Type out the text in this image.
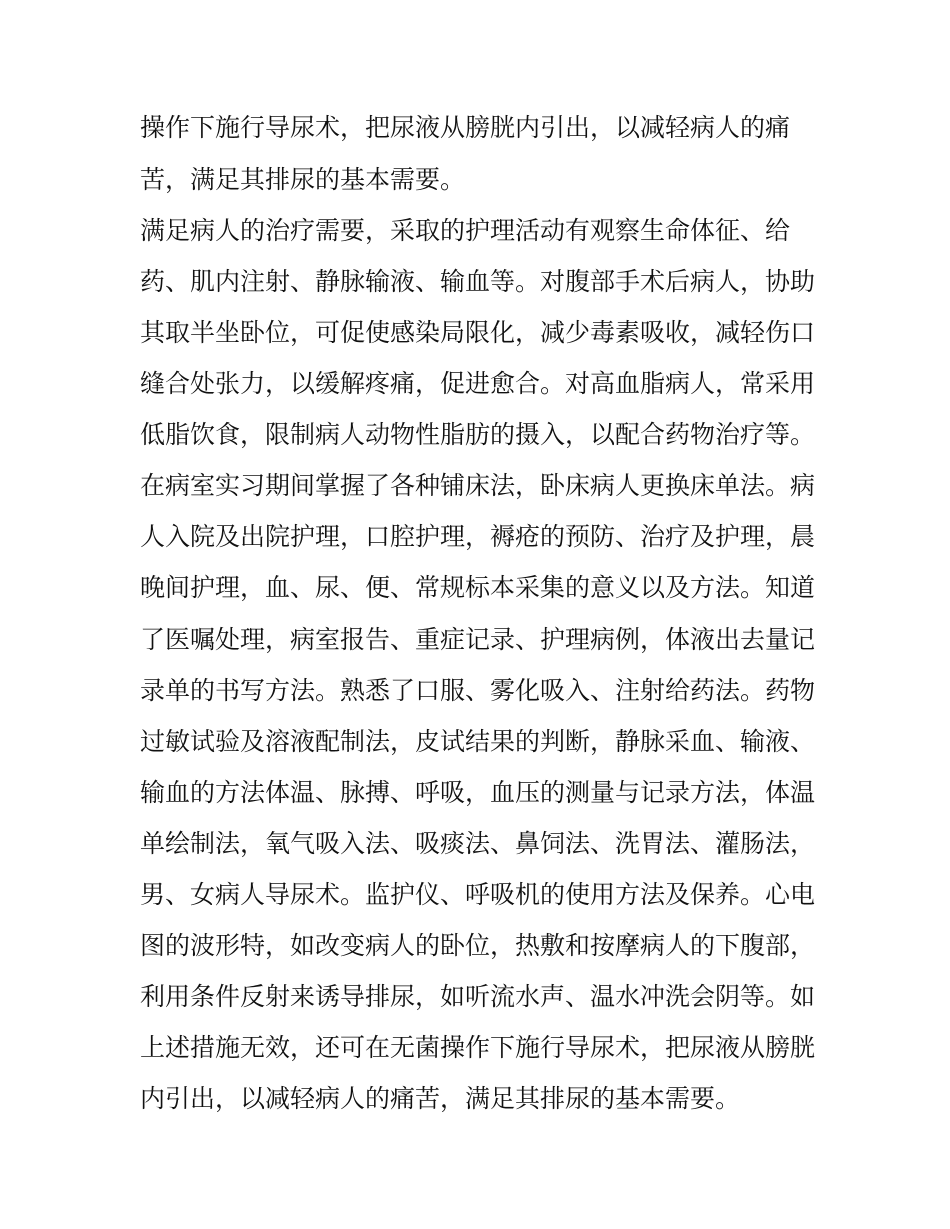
操作下施行导尿术，把尿液从膀胱内引出，以减轻病人的痛
苦，满足其排尿的基本需要。
满足病人的治疗需要，采取的护理活动有观察生命体征、给
药、肌内注射、静脉输液、输血等。对腹部手术后病人，协助
其取半坐卧位，可促使感染局限化，减少毒素吸收，减轻伤口
缝合处张力，以缓解疼痛，促进愈合。对高血脂病人，常采用
低脂饮食，限制病人动物性脂肪的摄入，以配合药物治疗等。
在病室实习期间掌握了各种铺床法，卧床病人更换床单法。病
人入院及出院护理，口腔护理，褥疮的预防、治疗及护理，晨
晚间护理，血、尿、便、常规标本采集的意义以及方法。知道
了医嘱处理，病室报告、重症记录、护理病例，体液出去量记
录单的书写方法。熟悉了口服、雾化吸入、注射给药法。药物
过敏试验及溶液配制法，皮试结果的判断，静脉采血、输液、
输血的方法体温、脉搏、呼吸，血压的测量与记录方法，体温
单绘制法，氧气吸入法、吸痰法、鼻饲法、洗胃法、灌肠法，
男、女病人导尿术。监护仪、呼吸机的使用方法及保养。心电
图的波形特，如改变病人的卧位，热敷和按摩病人的下腹部，
利用条件反射来诱导排尿，如听流水声、温水冲洗会阴等。如
上述措施无效，还可在无菌操作下施行导尿术，把尿液从膀胱
内引出，以减轻病人的痛苦，满足其排尿的基本需要。
